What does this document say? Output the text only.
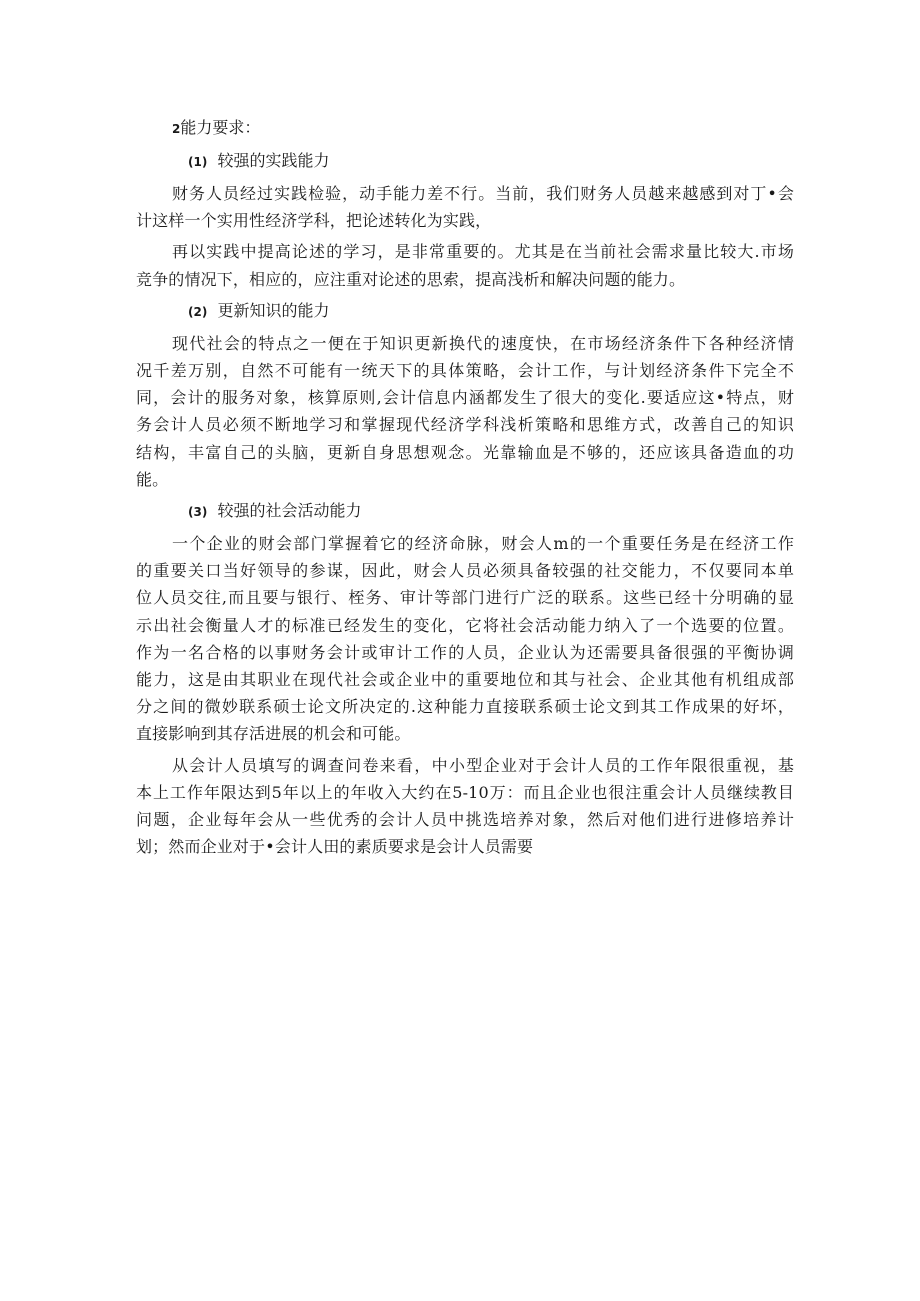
2能力要求：

(1) 较强的实践能力

财务人员经过实践检验，动手能力差不行。当前，我们财务人员越来越感到对丁•会
计这样一个实用性经济学科，把论述转化为实践，
再以实践中提高论述的学习，是非常重要的。尤其是在当前社会需求量比较大.市场
竞争的情况下，相应的，应注重对论述的思索，提高浅析和解决问题的能力。

(2) 更新知识的能力

现代社会的特点之一便在于知识更新换代的速度快，在市场经济条件下各种经济情
况千差万别，自然不可能有一统天下的具体策略，会计工作，与计划经济条件下完全不
同，会计的服务对象，核算原则,会计信息内涵都发生了很大的变化.要适应这•特点，财
务会计人员必须不断地学习和掌握现代经济学科浅析策略和思维方式，改善自己的知识
结构，丰富自己的头脑，更新自身思想观念。光靠输血是不够的，还应该具备造血的功
能。

(3) 较强的社会活动能力

一个企业的财会部门掌握着它的经济命脉，财会人m的一个重要任务是在经济工作
的重要关口当好领导的参谋，因此，财会人员必须具备较强的社交能力，不仅要同本单
位人员交往,而且要与银行、桎务、审计等部门进行广泛的联系。这些已经十分明确的显
示出社会衡量人才的标准已经发生的变化，它将社会活动能力纳入了一个选要的位置。
作为一名合格的以事财务会计或审计工作的人员，企业认为还需要具备很强的平衡协调
能力，这是由其职业在现代社会或企业中的重要地位和其与社会、企业其他有机组成部
分之间的微妙联系硕士论文所决定的.这种能力直接联系硕士论文到其工作成果的好坏，
直接影响到其存活进展的机会和可能。
从会计人员填写的调查问卷来看，中小型企业对于会计人员的工作年限很重视，基
本上工作年限达到5年以上的年收入大约在5-10万：而且企业也很注重会计人员继续教目
问题，企业每年会从一些优秀的会计人员中挑选培养对象，然后对他们进行进修培养计
划；然而企业对于•会计人田的素质要求是会计人员需要
